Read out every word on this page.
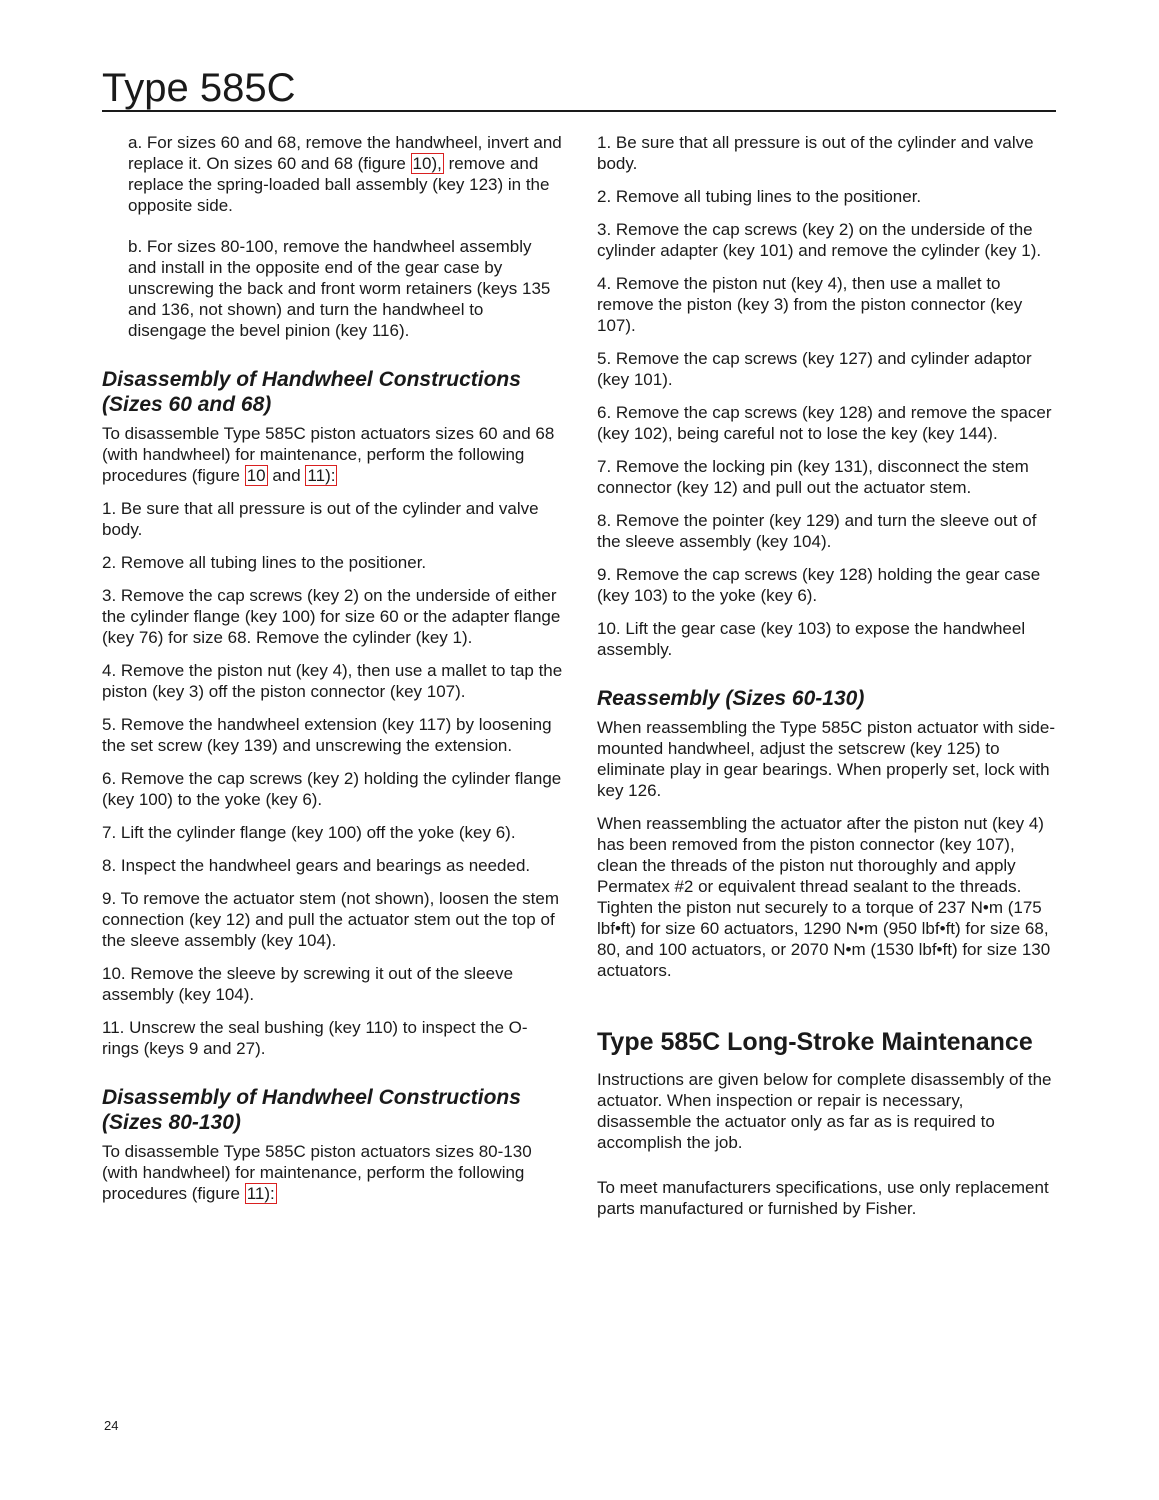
Type 585C

a. For sizes 60 and 68, remove the handwheel, invert and replace it. On sizes 60 and 68 (figure 10), remove and replace the spring-loaded ball assembly (key 123) in the opposite side.

b. For sizes 80-100, remove the handwheel assembly and install in the opposite end of the gear case by unscrewing the back and front worm retainers (keys 135 and 136, not shown) and turn the handwheel to disengage the bevel pinion (key 116).

Disassembly of Handwheel Constructions (Sizes 60 and 68)

To disassemble Type 585C piston actuators sizes 60 and 68 (with handwheel) for maintenance, perform the following procedures (figure 10 and 11):

1. Be sure that all pressure is out of the cylinder and valve body.

2. Remove all tubing lines to the positioner.

3. Remove the cap screws (key 2) on the underside of either the cylinder flange (key 100) for size 60 or the adapter flange (key 76) for size 68. Remove the cylinder (key 1).

4. Remove the piston nut (key 4), then use a mallet to tap the piston (key 3) off the piston connector (key 107).

5. Remove the handwheel extension (key 117) by loosening the set screw (key 139) and unscrewing the extension.

6. Remove the cap screws (key 2) holding the cylinder flange (key 100) to the yoke (key 6).

7. Lift the cylinder flange (key 100) off the yoke (key 6).

8. Inspect the handwheel gears and bearings as needed.

9. To remove the actuator stem (not shown), loosen the stem connection (key 12) and pull the actuator stem out the top of the sleeve assembly (key 104).

10. Remove the sleeve by screwing it out of the sleeve assembly (key 104).

11. Unscrew the seal bushing (key 110) to inspect the O-rings (keys 9 and 27).

Disassembly of Handwheel Constructions (Sizes 80-130)

To disassemble Type 585C piston actuators sizes 80-130 (with handwheel) for maintenance, perform the following procedures (figure 11):

1. Be sure that all pressure is out of the cylinder and valve body.

2. Remove all tubing lines to the positioner.

3. Remove the cap screws (key 2) on the underside of the cylinder adapter (key 101) and remove the cylinder (key 1).

4. Remove the piston nut (key 4), then use a mallet to remove the piston (key 3) from the piston connector (key 107).

5. Remove the cap screws (key 127) and cylinder adaptor (key 101).

6. Remove the cap screws (key 128) and remove the spacer (key 102), being careful not to lose the key (key 144).

7. Remove the locking pin (key 131), disconnect the stem connector (key 12) and pull out the actuator stem.

8. Remove the pointer (key 129) and turn the sleeve out of the sleeve assembly (key 104).

9. Remove the cap screws (key 128) holding the gear case (key 103) to the yoke (key 6).

10. Lift the gear case (key 103) to expose the handwheel assembly.

Reassembly (Sizes 60-130)

When reassembling the Type 585C piston actuator with side-mounted handwheel, adjust the setscrew (key 125) to eliminate play in gear bearings. When properly set, lock with key 126.

When reassembling the actuator after the piston nut (key 4) has been removed from the piston connector (key 107), clean the threads of the piston nut thoroughly and apply Permatex #2 or equivalent thread sealant to the threads. Tighten the piston nut securely to a torque of 237 N•m (175 lbf•ft) for size 60 actuators, 1290 N•m (950 lbf•ft) for size 68, 80, and 100 actuators, or 2070 N•m (1530 lbf•ft) for size 130 actuators.

Type 585C Long-Stroke Maintenance

Instructions are given below for complete disassembly of the actuator. When inspection or repair is necessary, disassemble the actuator only as far as is required to accomplish the job.

To meet manufacturers specifications, use only replacement parts manufactured or furnished by Fisher.

24
